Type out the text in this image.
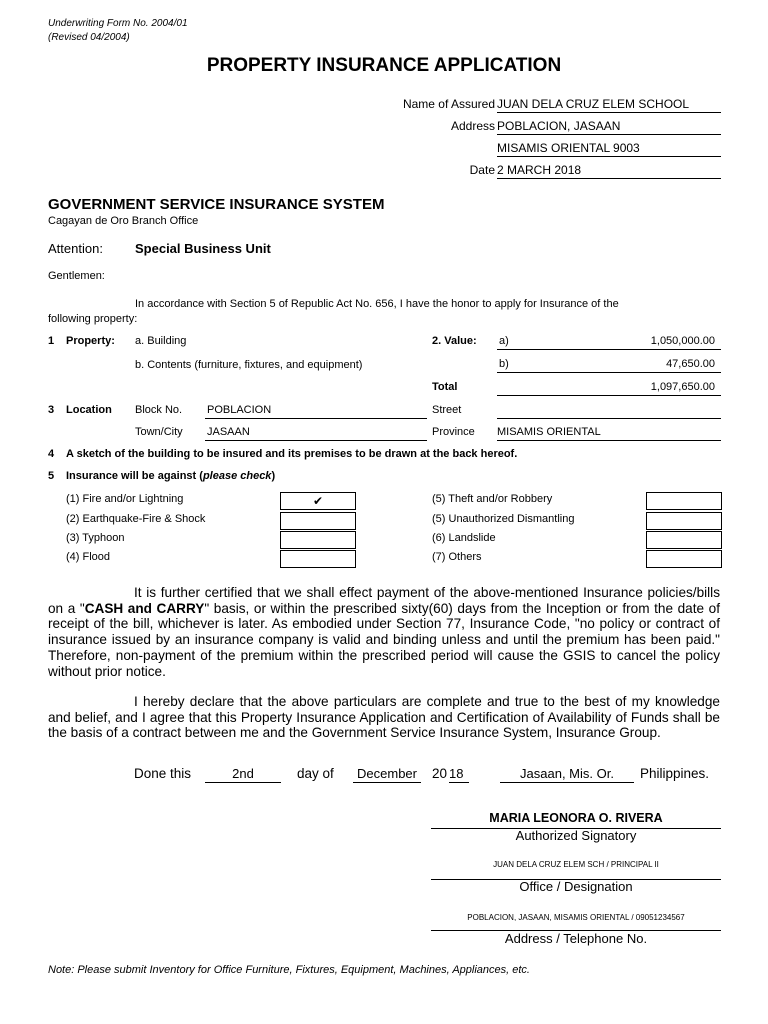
Underwriting Form No. 2004/01
(Revised 04/2004)
PROPERTY INSURANCE APPLICATION
Name of Assured JUAN DELA CRUZ ELEM SCHOOL
Address POBLACION, JASAAN
MISAMIS ORIENTAL 9003
Date 2 MARCH 2018
GOVERNMENT SERVICE INSURANCE SYSTEM
Cagayan de Oro Branch Office
Attention: Special Business Unit
Gentlemen:
In accordance with Section 5 of Republic Act No. 656, I have the honor to apply for Insurance of the
following property:
1 Property: a. Building
b. Contents (furniture, fixtures, and equipment)
2. Value: a)	1,050,000.00
b)	47,650.00
Total	1,097,650.00
3 Location Block No. POBLACION	Street
Town/City JASAAN	Province MISAMIS ORIENTAL
4 A sketch of the building to be insured and its premises to be drawn at the back hereof.
5 Insurance will be against (please check)
(1) Fire and/or Lightning	✔
(2) Earthquake-Fire & Shock
(3) Typhoon
(4) Flood
(5) Theft and/or Robbery
(5) Unauthorized Dismantling
(6) Landslide
(7) Others
It is further certified that we shall effect payment of the above-mentioned Insurance policies/bills on a "CASH and CARRY" basis, or within the prescribed sixty(60) days from the Inception or from the date of receipt of the bill, whichever is later. As embodied under Section 77, Insurance Code, "no policy or contract of insurance issued by an insurance company is valid and binding unless and until the premium has been paid." Therefore, non-payment of the premium within the prescribed period will cause the GSIS to cancel the policy without prior notice.
I hereby declare that the above particulars are complete and true to the best of my knowledge and belief, and I agree that this Property Insurance Application and Certification of Availability of Funds shall be the basis of a contract between me and the Government Service Insurance System, Insurance Group.
Done this	2nd	day of	December 20 18	Jasaan, Mis. Or.	Philippines.
MARIA LEONORA O. RIVERA
Authorized Signatory
JUAN DELA CRUZ ELEM SCH / PRINCIPAL II
Office / Designation
POBLACION, JASAAN, MISAMIS ORIENTAL / 09051234567
Address / Telephone No.
Note: Please submit Inventory for Office Furniture, Fixtures, Equipment, Machines, Appliances, etc.
